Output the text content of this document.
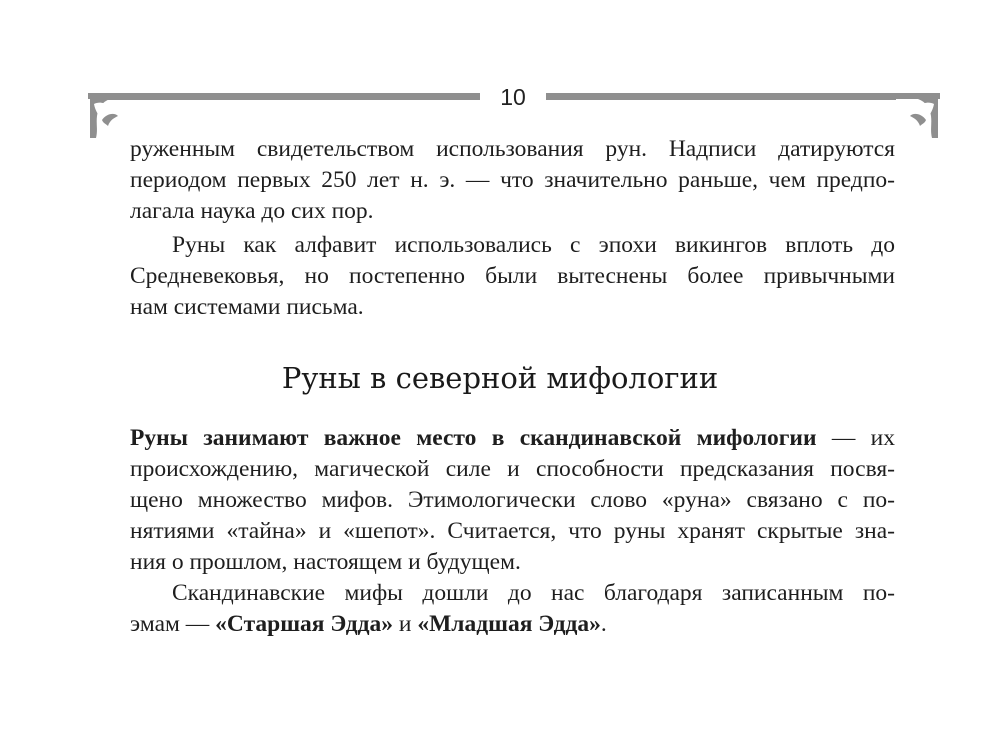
10
руженным свидетельством использования рун. Надписи датируются
периодом первых 250 лет н. э. — что значительно раньше, чем предпо-
лагала наука до сих пор.
Руны как алфавит использовались с эпохи викингов вплоть до
Средневековья, но постепенно были вытеснены более привычными
нам системами письма.
Руны в северной мифологии
Руны занимают важное место в скандинавской мифологии — их
происхождению, магической силе и способности предсказания посвя-
щено множество мифов. Этимологически слово «руна» связано с по-
нятиями «тайна» и «шепот». Считается, что руны хранят скрытые зна-
ния о прошлом, настоящем и будущем.
Скандинавские мифы дошли до нас благодаря записанным по-
эмам — «Старшая Эдда» и «Младшая Эдда».
